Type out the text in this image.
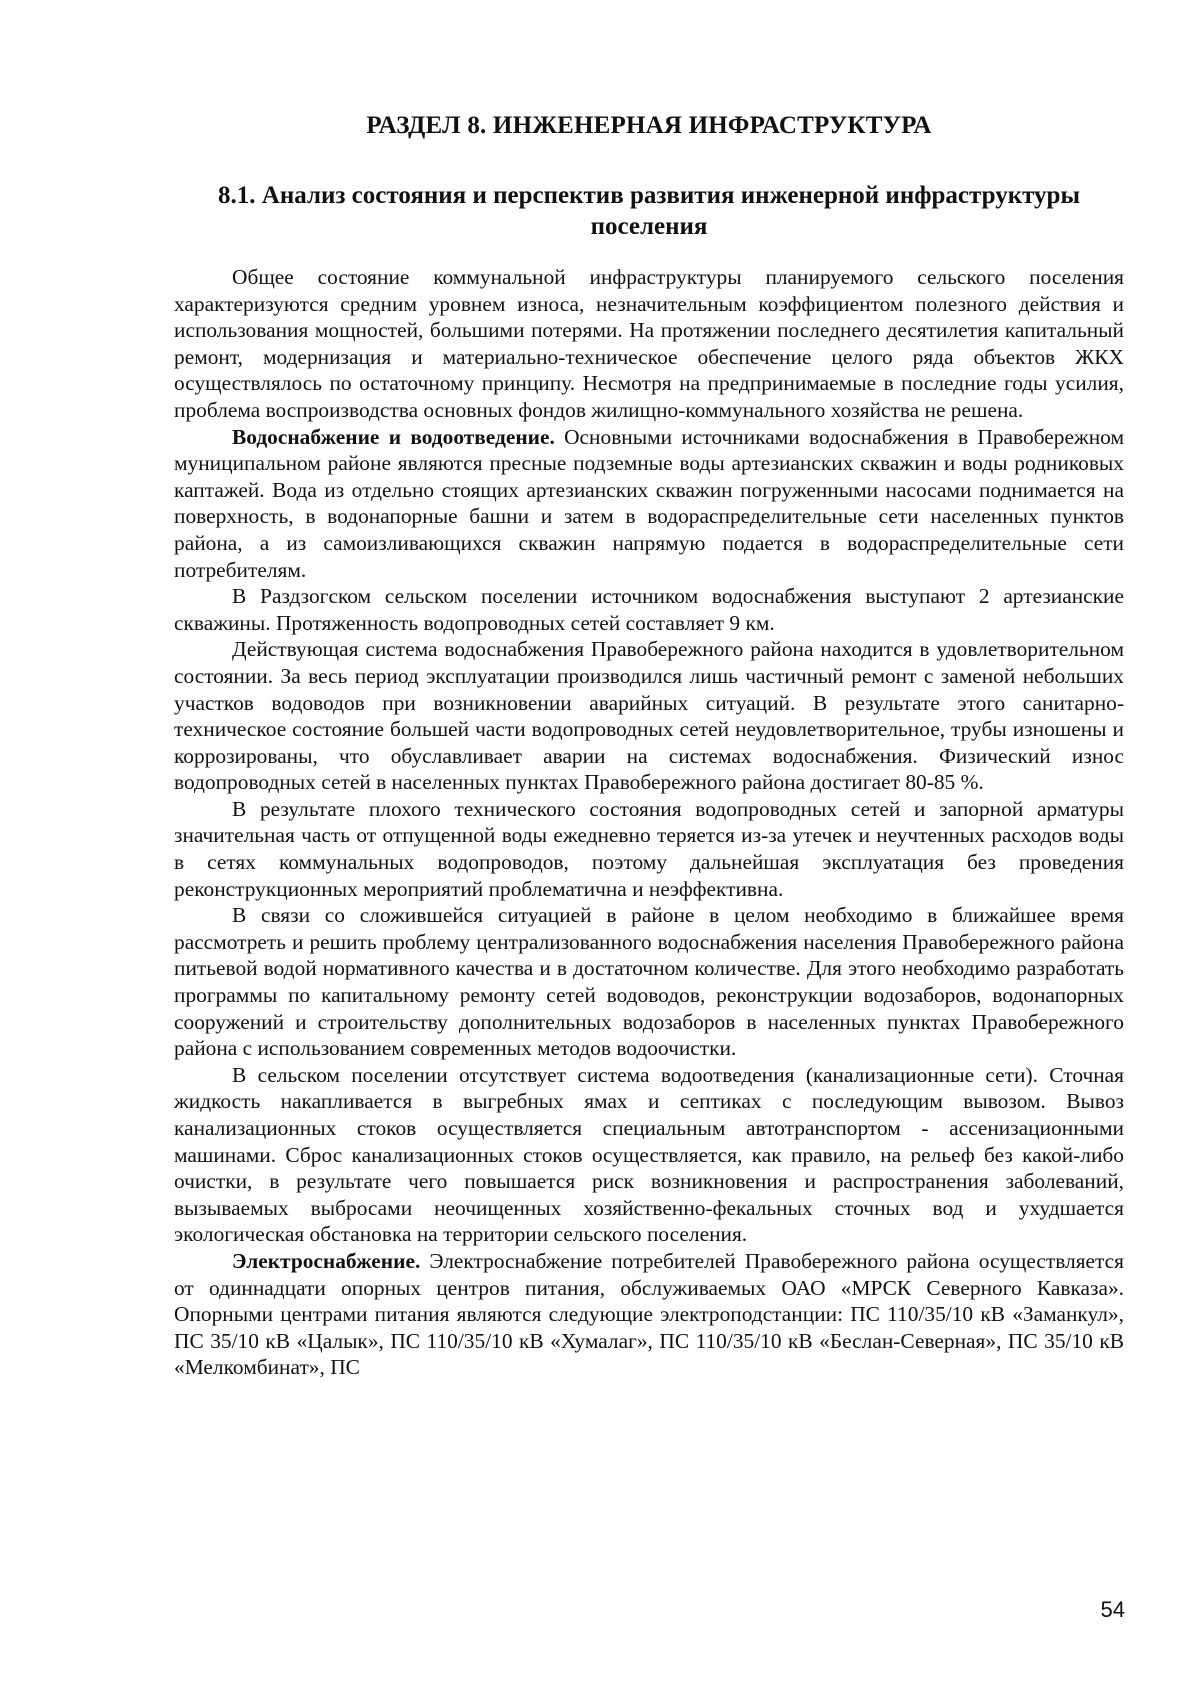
РАЗДЕЛ 8. ИНЖЕНЕРНАЯ ИНФРАСТРУКТУРА
8.1. Анализ состояния и перспектив развития инженерной инфраструктуры поселения

Общее состояние коммунальной инфраструктуры планируемого сельского поселения характеризуются средним уровнем износа, незначительным коэффициентом полезного действия и использования мощностей, большими потерями. На протяжении последнего десятилетия капитальный ремонт, модернизация и материально-техническое обеспечение целого ряда объектов ЖКХ осуществлялось по остаточному принципу. Несмотря на предпринимаемые в последние годы усилия, проблема воспроизводства основных фондов жилищно-коммунального хозяйства не решена.

Водоснабжение и водоотведение. Основными источниками водоснабжения в Правобережном муниципальном районе являются пресные подземные воды артезианских скважин и воды родниковых каптажей. Вода из отдельно стоящих артезианских скважин погруженными насосами поднимается на поверхность, в водонапорные башни и затем в водораспределительные сети населенных пунктов района, а из самоизливающихся скважин напрямую подается в водораспределительные сети потребителям.

В Раздзогском сельском поселении источником водоснабжения выступают 2 артезианские скважины. Протяженность водопроводных сетей составляет 9 км.

Действующая система водоснабжения Правобережного района находится в удовлетворительном состоянии. За весь период эксплуатации производился лишь частичный ремонт с заменой небольших участков водоводов при возникновении аварийных ситуаций. В результате этого санитарно-техническое состояние большей части водопроводных сетей неудовлетворительное, трубы изношены и коррозированы, что обуславливает аварии на системах водоснабжения. Физический износ водопроводных сетей в населенных пунктах Правобережного района достигает 80-85 %.

В результате плохого технического состояния водопроводных сетей и запорной арматуры значительная часть от отпущенной воды ежедневно теряется из-за утечек и неучтенных расходов воды в сетях коммунальных водопроводов, поэтому дальнейшая эксплуатация без проведения реконструкционных мероприятий проблематична и неэффективна.

В связи со сложившейся ситуацией в районе в целом необходимо в ближайшее время рассмотреть и решить проблему централизованного водоснабжения населения Правобережного района питьевой водой нормативного качества и в достаточном количестве. Для этого необходимо разработать программы по капитальному ремонту сетей водоводов, реконструкции водозаборов, водонапорных сооружений и строительству дополнительных водозаборов в населенных пунктах Правобережного района с использованием современных методов водоочистки.

В сельском поселении отсутствует система водоотведения (канализационные сети). Сточная жидкость накапливается в выгребных ямах и септиках с последующим вывозом. Вывоз канализационных стоков осуществляется специальным автотранспортом - ассенизационными машинами. Сброс канализационных стоков осуществляется, как правило, на рельеф без какой-либо очистки, в результате чего повышается риск возникновения и распространения заболеваний, вызываемых выбросами неочищенных хозяйственно-фекальных сточных вод и ухудшается экологическая обстановка на территории сельского поселения.

Электроснабжение. Электроснабжение потребителей Правобережного района осуществляется от одиннадцати опорных центров питания, обслуживаемых ОАО «МРСК Северного Кавказа». Опорными центрами питания являются следующие электроподстанции: ПС 110/35/10 кВ «Заманкул», ПС 35/10 кВ «Цалык», ПС 110/35/10 кВ «Хумалаг», ПС 110/35/10 кВ «Беслан-Северная», ПС 35/10 кВ «Мелкомбинат», ПС

54
